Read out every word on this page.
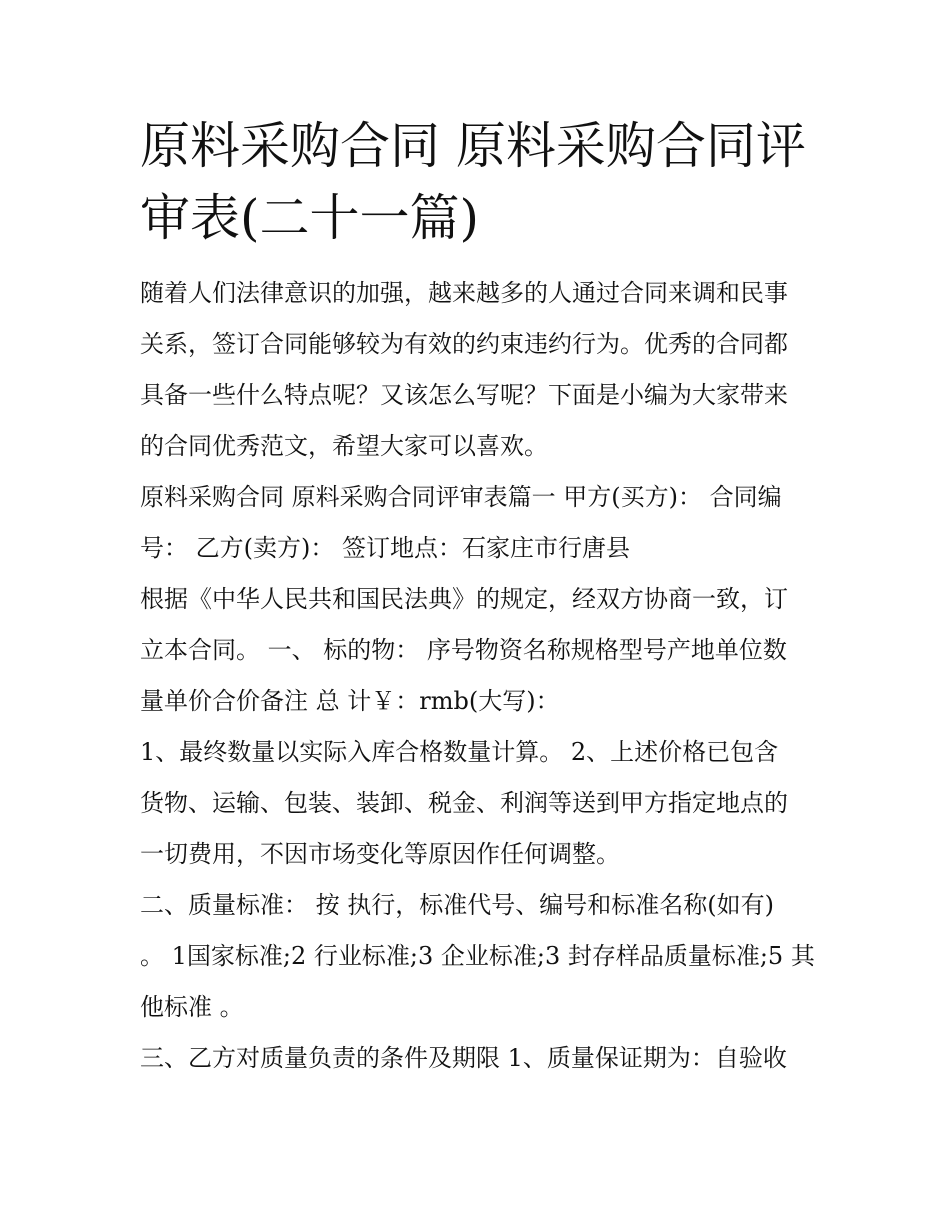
原料采购合同 原料采购合同评
审表(二十一篇)

随着人们法律意识的加强，越来越多的人通过合同来调和民事
关系，签订合同能够较为有效的约束违约行为。优秀的合同都
具备一些什么特点呢？又该怎么写呢？下面是小编为大家带来
的合同优秀范文，希望大家可以喜欢。

原料采购合同 原料采购合同评审表篇一 甲方(买方)： 合同编
号： 乙方(卖方)： 签订地点：石家庄市行唐县

根据《中华人民共和国民法典》的规定，经双方协商一致，订
立本合同。 一、 标的物： 序号物资名称规格型号产地单位数
量单价合价备注 总 计￥：rmb(大写)：

1、最终数量以实际入库合格数量计算。 2、上述价格已包含
货物、运输、包装、装卸、税金、利润等送到甲方指定地点的
一切费用，不因市场变化等原因作任何调整。

二、质量标准： 按 执行，标准代号、编号和标准名称(如有)
。 1国家标准;2 行业标准;3 企业标准;3 封存样品质量标准;5 其
他标准 。

三、乙方对质量负责的条件及期限 1、质量保证期为：自验收
